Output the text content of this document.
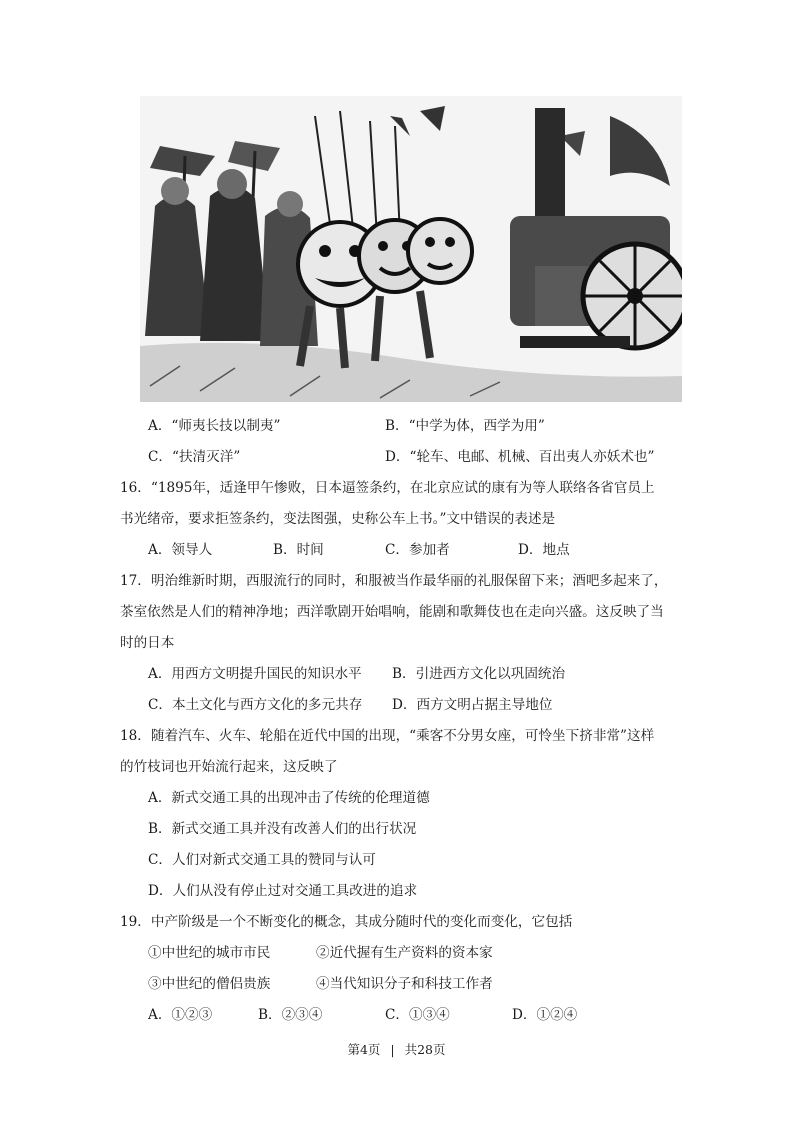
A．“师夷长技以制夷”	B．“中学为体，西学为用”
C．“扶清灭洋”	D．“轮车、电邮、机械、百出夷人亦妖术也”
16．“1895年，适逢甲午惨败，日本逼签条约，在北京应试的康有为等人联络各省官员上
书光绪帝，要求拒签条约，变法图强，史称公车上书。”文中错误的表述是
A．领导人	B．时间	C．参加者	D．地点
17．明治维新时期，西服流行的同时，和服被当作最华丽的礼服保留下来；酒吧多起来了，
茶室依然是人们的精神净地；西洋歌剧开始唱响，能剧和歌舞伎也在走向兴盛。这反映了当
时的日本
A．用西方文明提升国民的知识水平 B．引进西方文化以巩固统治
C．本土文化与西方文化的多元共存 D．西方文明占据主导地位
18．随着汽车、火车、轮船在近代中国的出现，“乘客不分男女座，可怜坐下挤非常”这样
的竹枝词也开始流行起来，这反映了
A．新式交通工具的出现冲击了传统的伦理道德
B．新式交通工具并没有改善人们的出行状况
C．人们对新式交通工具的赞同与认可
D．人们从没有停止过对交通工具改进的追求
19．中产阶级是一个不断变化的概念，其成分随时代的变化而变化，它包括
①中世纪的城市市民	②近代握有生产资料的资本家
③中世纪的僧侣贵族	④当代知识分子和科技工作者
A．①②③	B．②③④	C．①③④	D．①②④
第4页 | 共28页
